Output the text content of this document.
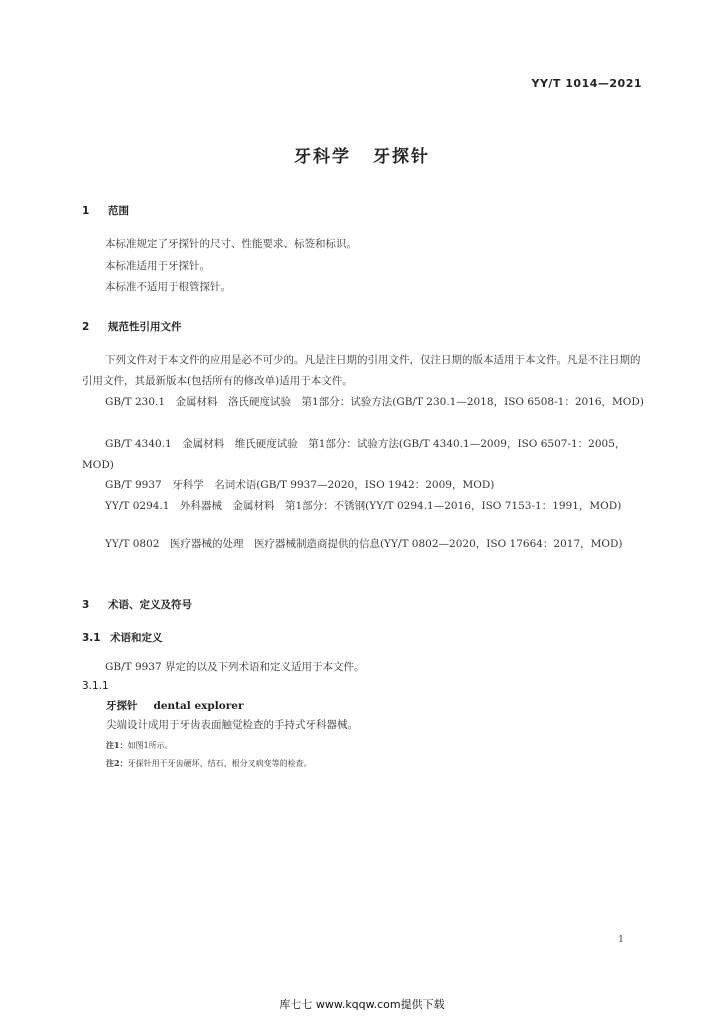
YY/T 1014—2021
牙科学 牙探针
1 范围
本标准规定了牙探针的尺寸、性能要求、标签和标识。
本标准适用于牙探针。
本标准不适用于根管探针。
2 规范性引用文件
下列文件对于本文件的应用是必不可少的。凡是注日期的引用文件，仅注日期的版本适用于本文件。凡是不注日期的引用文件，其最新版本(包括所有的修改单)适用于本文件。
GB/T 230.1　金属材料　洛氏硬度试验　第1部分：试验方法(GB/T 230.1—2018，ISO 6508-1：2016，MOD)
GB/T 4340.1　金属材料　维氏硬度试验　第1部分：试验方法(GB/T 4340.1—2009，ISO 6507-1：2005，MOD)
GB/T 9937　牙科学　名词术语(GB/T 9937—2020，ISO 1942：2009，MOD)
YY/T 0294.1　外科器械　金属材料　第1部分：不锈钢(YY/T 0294.1—2016，ISO 7153-1：1991，MOD)
YY/T 0802　医疗器械的处理　医疗器械制造商提供的信息(YY/T 0802—2020，ISO 17664：2017，MOD)
3 术语、定义及符号
3.1 术语和定义
GB/T 9937 界定的以及下列术语和定义适用于本文件。
3.1.1
牙探针 dental explorer
尖端设计成用于牙齿表面触觉检查的手持式牙科器械。
注1：如图1所示。
注2：牙探针用于牙齿硬坏、结石、根分叉病变等的检查。
1
库七七 www.kqqw.com提供下载
